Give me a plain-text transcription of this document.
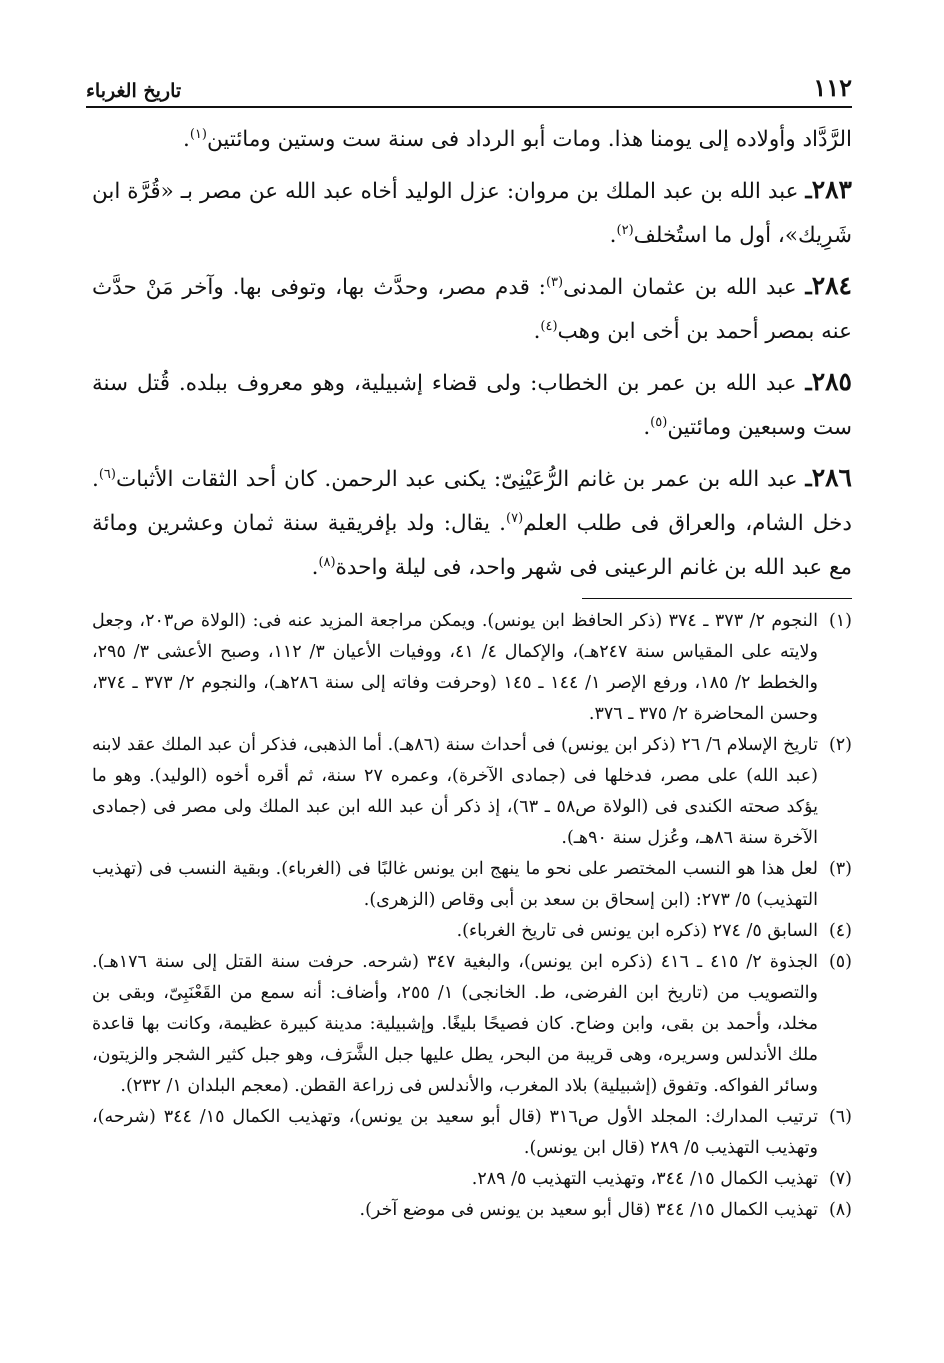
تاريخ الغرباء	١١٢

الرَّدَّاد وأولاده إلى يومنا هذا. ومات أبو الرداد فى سنة ست وستين ومائتين$^{(١)}$.

٢٨٣ـ عبد الله بن عبد الملك بن مروان: عزل الوليد أخاه عبد الله عن مصر بـ «قُرَّة ابن شَرِيك»، أول ما استُخلف$^{(٢)}$.

٢٨٤ـ عبد الله بن عثمان المدنى$^{(٣)}$: قدم مصر، وحدَّث بها، وتوفى بها. وآخر مَنْ حدَّث عنه بمصر أحمد بن أخى ابن وهب$^{(٤)}$.

٢٨٥ـ عبد الله بن عمر بن الخطاب: ولى قضاء إشبيلية، وهو معروف ببلده. قُتل سنة ست وسبعين ومائتين$^{(٥)}$.

٢٨٦ـ عبد الله بن عمر بن غانم الرُّعَيْنِىّ: يكنى عبد الرحمن. كان أحد الثقات الأثبات$^{(٦)}$. دخل الشام، والعراق فى طلب العلم$^{(٧)}$. يقال: ولد بإفريقية سنة ثمان وعشرين ومائة مع عبد الله بن غانم الرعينى فى شهر واحد، فى ليلة واحدة$^{(٨)}$.

(١)
النجوم ٢/ ٣٧٣ ـ ٣٧٤ (ذكر الحافظ ابن يونس). ويمكن مراجعة المزيد عنه فى: (الولاة ص٢٠٣، وجعل ولايته على المقياس سنة ٢٤٧هـ)، والإكمال ٤/ ٤١، ووفيات الأعيان ٣/ ١١٢، وصبح الأعشى ٣/ ٢٩٥، والخطط ٢/ ١٨٥، ورفع الإصر ١/ ١٤٤ ـ ١٤٥ (وحرفت وفاته إلى سنة ٢٨٦هـ)، والنجوم ٢/ ٣٧٣ ـ ٣٧٤، وحسن المحاضرة ٢/ ٣٧٥ ـ ٣٧٦.

(٢)
تاريخ الإسلام ٦/ ٢٦ (ذكر ابن يونس) فى أحداث سنة (٨٦هـ). أما الذهبى، فذكر أن عبد الملك عقد لابنه (عبد الله) على مصر، فدخلها فى (جمادى الآخرة)، وعمره ٢٧ سنة، ثم أقره أخوه (الوليد). وهو ما يؤكد صحته الكندى فى (الولاة ص٥٨ ـ ٦٣)، إذ ذكر أن عبد الله ابن عبد الملك ولى مصر فى (جمادى الآخرة سنة ٨٦هـ، وعُزل سنة ٩٠هـ).

(٣)
لعل هذا هو النسب المختصر على نحو ما ينهج ابن يونس غالبًا فى (الغرباء). وبقية النسب فى (تهذيب التهذيب) ٥/ ٢٧٣: (ابن إسحاق بن سعد بن أبى وقاص (الزهرى).

(٤)
السابق ٥/ ٢٧٤ (ذكره ابن يونس فى تاريخ الغرباء).

(٥)
الجذوة ٢/ ٤١٥ ـ ٤١٦ (ذكره ابن يونس)، والبغية ٣٤٧ (شرحه. حرفت سنة القتل إلى سنة ١٧٦هـ). والتصويب من (تاريخ ابن الفرضى، ط. الخانجى) ١/ ٢٥٥، وأضاف: أنه سمع من القَعْنَبِىّ، وبقى بن مخلد، وأحمد بن بقى، وابن وضاح. كان فصيحًا بليغًا. وإشبيلية: مدينة كبيرة عظيمة، وكانت بها قاعدة ملك الأندلس وسريره، وهى قريبة من البحر، يطل عليها جبل الشَّرَف، وهو جبل كثير الشجر والزيتون، وسائر الفواكه. وتفوق (إشبيلية) بلاد المغرب، والأندلس فى زراعة القطن. (معجم البلدان ١/ ٢٣٢).

(٦)
ترتيب المدارك: المجلد الأول ص٣١٦ (قال أبو سعيد بن يونس)، وتهذيب الكمال ١٥/ ٣٤٤ (شرحه)، وتهذيب التهذيب ٥/ ٢٨٩ (قال ابن يونس).

(٧)
تهذيب الكمال ١٥/ ٣٤٤، وتهذيب التهذيب ٥/ ٢٨٩.

(٨)
تهذيب الكمال ١٥/ ٣٤٤ (قال أبو سعيد بن يونس فى موضع آخر).
